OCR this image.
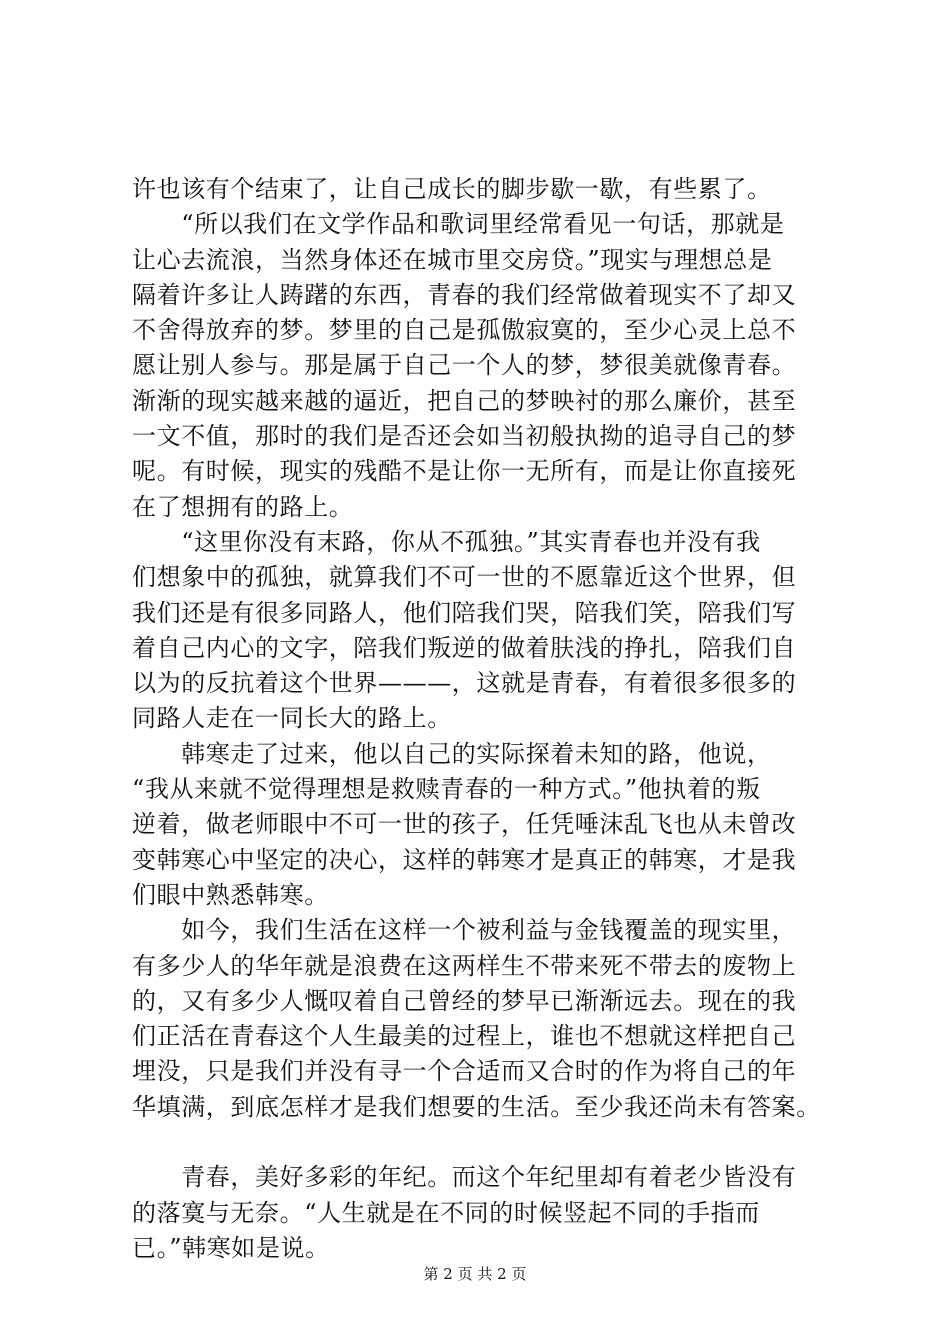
许也该有个结束了，让自己成长的脚步歇一歇，有些累了。
　　“所以我们在文学作品和歌词里经常看见一句话，那就是
让心去流浪，当然身体还在城市里交房贷。”现实与理想总是
隔着许多让人踌躇的东西，青春的我们经常做着现实不了却又
不舍得放弃的梦。梦里的自己是孤傲寂寞的，至少心灵上总不
愿让别人参与。那是属于自己一个人的梦，梦很美就像青春。
渐渐的现实越来越的逼近，把自己的梦映衬的那么廉价，甚至
一文不值，那时的我们是否还会如当初般执拗的追寻自己的梦
呢。有时候，现实的残酷不是让你一无所有，而是让你直接死
在了想拥有的路上。
　　“这里你没有末路，你从不孤独。”其实青春也并没有我
们想象中的孤独，就算我们不可一世的不愿靠近这个世界，但
我们还是有很多同路人，他们陪我们哭，陪我们笑，陪我们写
着自己内心的文字，陪我们叛逆的做着肤浅的挣扎，陪我们自
以为的反抗着这个世界———，这就是青春，有着很多很多的
同路人走在一同长大的路上。
　　韩寒走了过来，他以自己的实际探着未知的路，他说，
“我从来就不觉得理想是救赎青春的一种方式。”他执着的叛
逆着，做老师眼中不可一世的孩子，任凭唾沫乱飞也从未曾改
变韩寒心中坚定的决心，这样的韩寒才是真正的韩寒，才是我
们眼中熟悉韩寒。
　　如今，我们生活在这样一个被利益与金钱覆盖的现实里，
有多少人的华年就是浪费在这两样生不带来死不带去的废物上
的，又有多少人慨叹着自己曾经的梦早已渐渐远去。现在的我
们正活在青春这个人生最美的过程上，谁也不想就这样把自己
埋没，只是我们并没有寻一个合适而又合时的作为将自己的年
华填满，到底怎样才是我们想要的生活。至少我还尚未有答案。
　　青春，美好多彩的年纪。而这个年纪里却有着老少皆没有
的落寞与无奈。“人生就是在不同的时候竖起不同的手指而
已。”韩寒如是说。
第 2 页 共 2 页
